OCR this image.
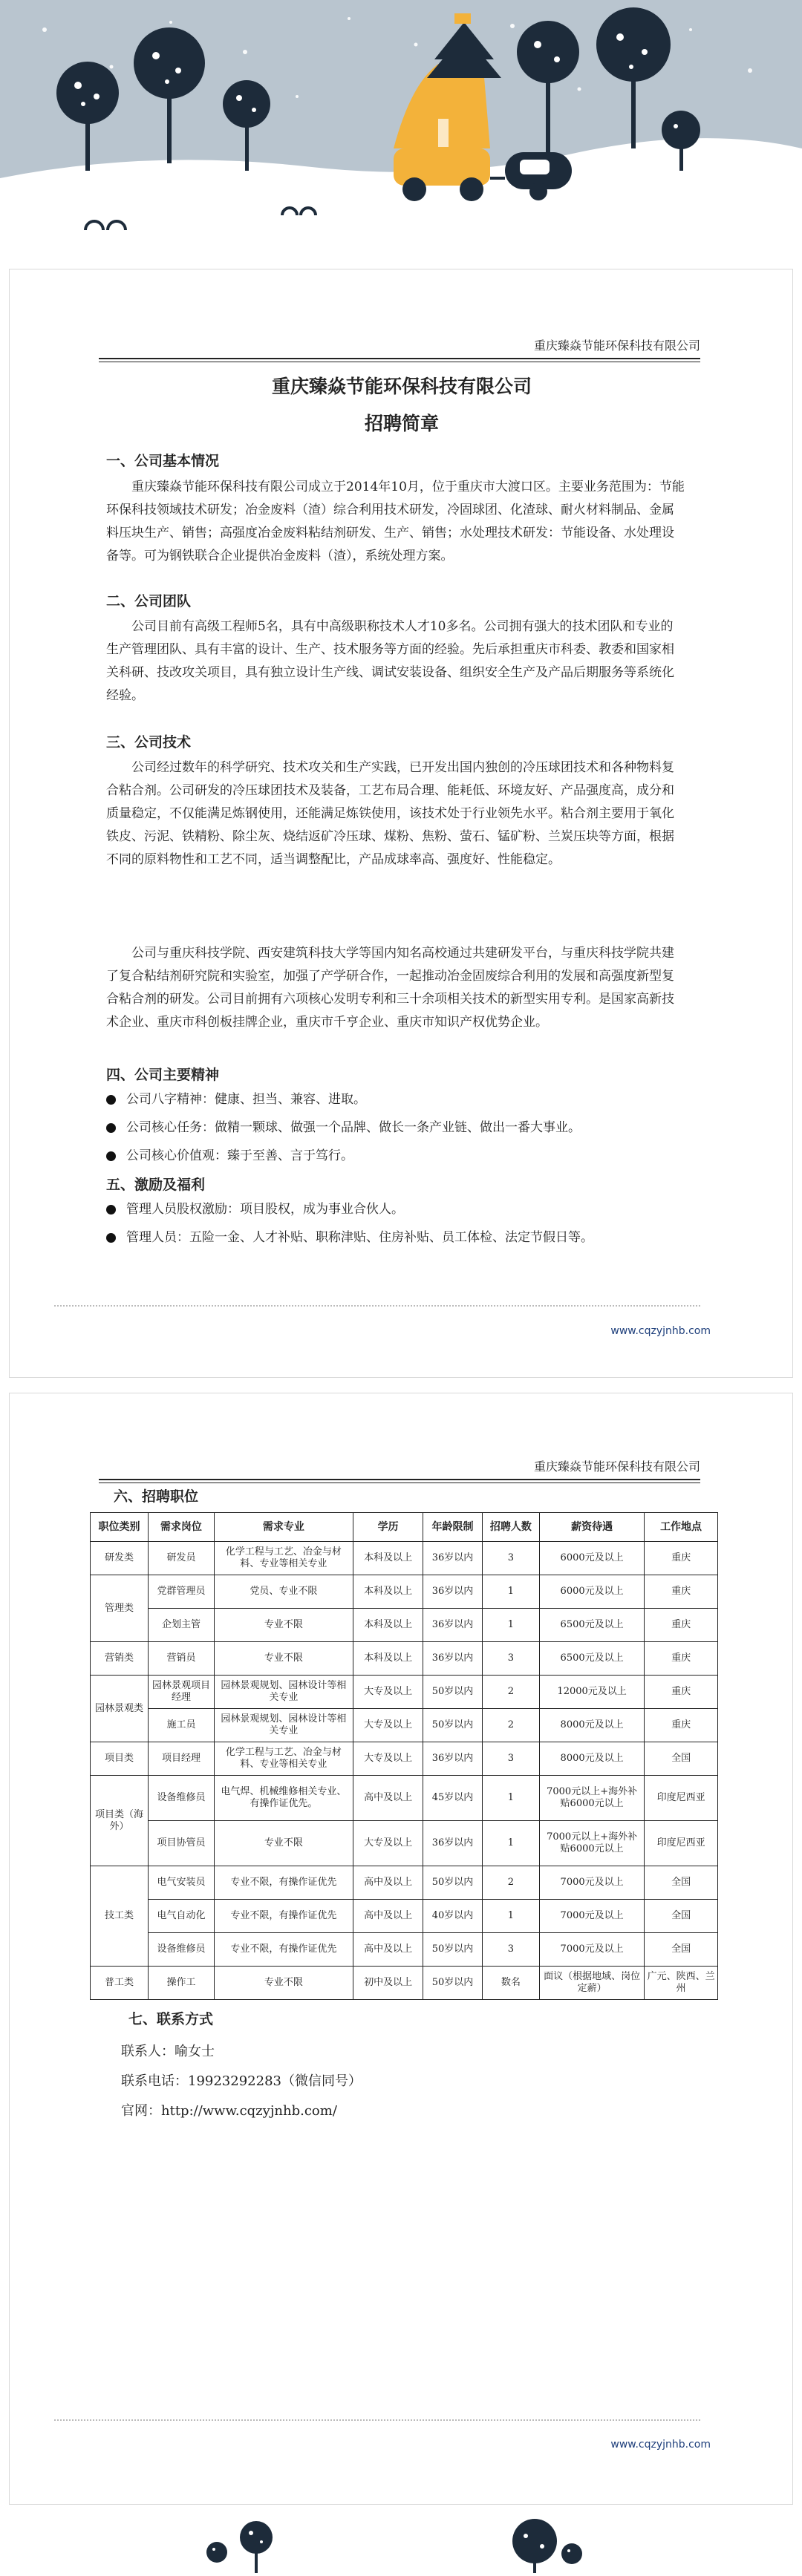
重庆臻焱节能环保科技有限公司
重庆臻焱节能环保科技有限公司
招聘简章
一、公司基本情况

重庆臻焱节能环保科技有限公司成立于2014年10月，位于重庆市大渡口区。主要业务范围为：节能环保科技领域技术研发；冶金废料（渣）综合利用技术研发，冷固球团、化渣球、耐火材料制品、金属料压块生产、销售；高强度冶金废料粘结剂研发、生产、销售；水处理技术研发：节能设备、水处理设备等。可为钢铁联合企业提供冶金废料（渣），系统处理方案。

二、公司团队

公司目前有高级工程师5名，具有中高级职称技术人才10多名。公司拥有强大的技术团队和专业的生产管理团队、具有丰富的设计、生产、技术服务等方面的经验。先后承担重庆市科委、教委和国家相关科研、技改攻关项目，具有独立设计生产线、调试安装设备、组织安全生产及产品后期服务等系统化经验。

三、公司技术

公司经过数年的科学研究、技术攻关和生产实践，已开发出国内独创的冷压球团技术和各种物料复合粘合剂。公司研发的冷压球团技术及装备，工艺布局合理、能耗低、环境友好、产品强度高，成分和质量稳定，不仅能满足炼钢使用，还能满足炼铁使用，该技术处于行业领先水平。粘合剂主要用于氧化铁皮、污泥、铁精粉、除尘灰、烧结返矿冷压球、煤粉、焦粉、萤石、锰矿粉、兰炭压块等方面，根据不同的原料物性和工艺不同，适当调整配比，产品成球率高、强度好、性能稳定。

公司与重庆科技学院、西安建筑科技大学等国内知名高校通过共建研发平台，与重庆科技学院共建了复合粘结剂研究院和实验室，加强了产学研合作，一起推动冶金固废综合利用的发展和高强度新型复合粘合剂的研发。公司目前拥有六项核心发明专利和三十余项相关技术的新型实用专利。是国家高新技术企业、重庆市科创板挂牌企业，重庆市千亨企业、重庆市知识产权优势企业。

四、公司主要精神
公司八字精神：健康、担当、兼容、进取。
公司核心任务：做精一颗球、做强一个品牌、做长一条产业链、做出一番大事业。
公司核心价值观：臻于至善、言于笃行。
五、激励及福利
管理人员股权激励：项目股权，成为事业合伙人。
管理人员：五险一金、人才补贴、职称津贴、住房补贴、员工体检、法定节假日等。
www.cqzyjnhb.com
重庆臻焱节能环保科技有限公司
六、招聘职位
职位类别	需求岗位	需求专业	学历	年龄限制	招聘人数	薪资待遇	工作地点
研发类	研发员	化学工程与工艺、冶金与材料、专业等相关专业	本科及以上	36岁以内	3	6000元及以上	重庆
管理类	党群管理员	党员、专业不限	本科及以上	36岁以内	1	6000元及以上	重庆
	企划主管	专业不限	本科及以上	36岁以内	1	6500元及以上	重庆
营销类	营销员	专业不限	本科及以上	36岁以内	3	6500元及以上	重庆
园林景观类	园林景观项目经理	园林景观规划、园林设计等相关专业	大专及以上	50岁以内	2	12000元及以上	重庆
	施工员	园林景观规划、园林设计等相关专业	大专及以上	50岁以内	2	8000元及以上	重庆
项目类	项目经理	化学工程与工艺、冶金与材料、专业等相关专业	大专及以上	36岁以内	3	8000元及以上	全国
项目类（海外）	设备维修员	电气焊、机械维修相关专业、有操作证优先。	高中及以上	45岁以内	1	7000元以上+海外补贴6000元以上	印度尼西亚
	项目协管员	专业不限	大专及以上	36岁以内	1	7000元以上+海外补贴6000元以上	印度尼西亚
技工类	电气安装员	专业不限，有操作证优先	高中及以上	50岁以内	2	7000元及以上	全国
	电气自动化	专业不限，有操作证优先	高中及以上	40岁以内	1	7000元及以上	全国
	设备维修员	专业不限，有操作证优先	高中及以上	50岁以内	3	7000元及以上	全国
普工类	操作工	专业不限	初中及以上	50岁以内	数名	面议（根据地域、岗位定薪）	广元、陕西、兰州
七、联系方式
联系人：喻女士
联系电话：19923292283（微信同号）
官网：http://www.cqzyjnhb.com/
www.cqzyjnhb.com
